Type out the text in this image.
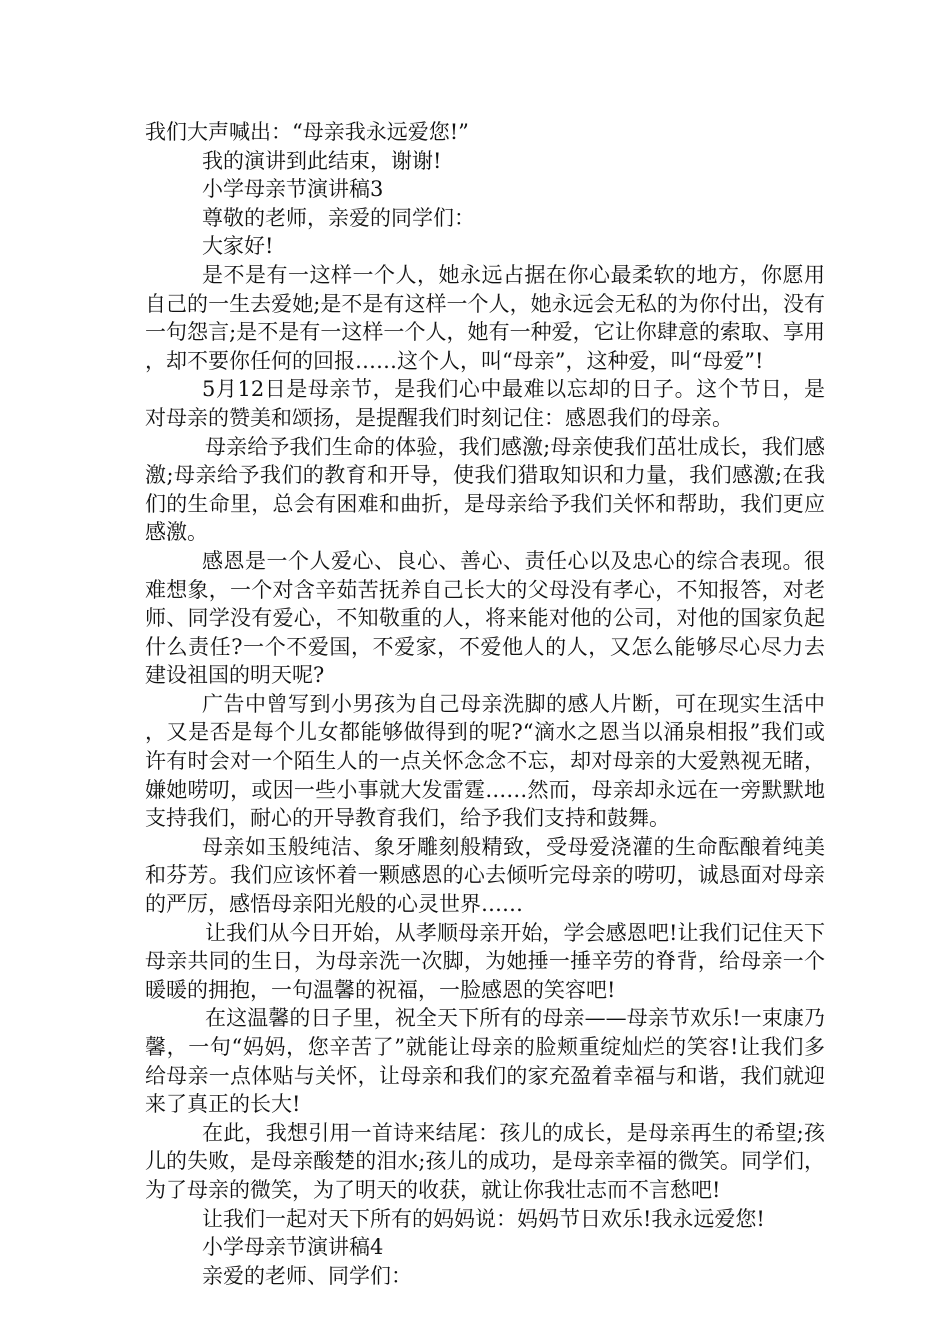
我们大声喊出：“母亲我永远爱您!”

我的演讲到此结束，谢谢!

小学母亲节演讲稿3

尊敬的老师，亲爱的同学们：

大家好!

是不是有一这样一个人，她永远占据在你心最柔软的地方，你愿用自己的一生去爱她;是不是有这样一个人，她永远会无私的为你付出，没有一句怨言;是不是有一这样一个人，她有一种爱，它让你肆意的索取、享用，却不要你任何的回报……这个人，叫“母亲”，这种爱，叫“母爱”!

5月12日是母亲节，是我们心中最难以忘却的日子。这个节日，是对母亲的赞美和颂扬，是提醒我们时刻记住：感恩我们的母亲。

母亲给予我们生命的体验，我们感激;母亲使我们茁壮成长，我们感激;母亲给予我们的教育和开导，使我们猎取知识和力量，我们感激;在我们的生命里，总会有困难和曲折，是母亲给予我们关怀和帮助，我们更应感激。

感恩是一个人爱心、良心、善心、责任心以及忠心的综合表现。很难想象，一个对含辛茹苦抚养自己长大的父母没有孝心，不知报答，对老师、同学没有爱心，不知敬重的人，将来能对他的公司，对他的国家负起什么责任?一个不爱国，不爱家，不爱他人的人，又怎么能够尽心尽力去建设祖国的明天呢?

广告中曾写到小男孩为自己母亲洗脚的感人片断，可在现实生活中，又是否是每个儿女都能够做得到的呢?“滴水之恩当以涌泉相报”我们或许有时会对一个陌生人的一点关怀念念不忘，却对母亲的大爱熟视无睹，嫌她唠叨，或因一些小事就大发雷霆……然而，母亲却永远在一旁默默地支持我们，耐心的开导教育我们，给予我们支持和鼓舞。

母亲如玉般纯洁、象牙雕刻般精致，受母爱浇灌的生命酝酿着纯美和芬芳。我们应该怀着一颗感恩的心去倾听完母亲的唠叨，诚恳面对母亲的严厉，感悟母亲阳光般的心灵世界……

让我们从今日开始，从孝顺母亲开始，学会感恩吧!让我们记住天下母亲共同的生日，为母亲洗一次脚，为她捶一捶辛劳的脊背，给母亲一个暖暖的拥抱，一句温馨的祝福，一脸感恩的笑容吧!

在这温馨的日子里，祝全天下所有的母亲——母亲节欢乐!一束康乃馨，一句“妈妈，您辛苦了”就能让母亲的脸颊重绽灿烂的笑容!让我们多给母亲一点体贴与关怀，让母亲和我们的家充盈着幸福与和谐，我们就迎来了真正的长大!

在此，我想引用一首诗来结尾：孩儿的成长，是母亲再生的希望;孩儿的失败，是母亲酸楚的泪水;孩儿的成功，是母亲幸福的微笑。同学们，为了母亲的微笑，为了明天的收获，就让你我壮志而不言愁吧!

让我们一起对天下所有的妈妈说：妈妈节日欢乐!我永远爱您!

小学母亲节演讲稿4

亲爱的老师、同学们：
